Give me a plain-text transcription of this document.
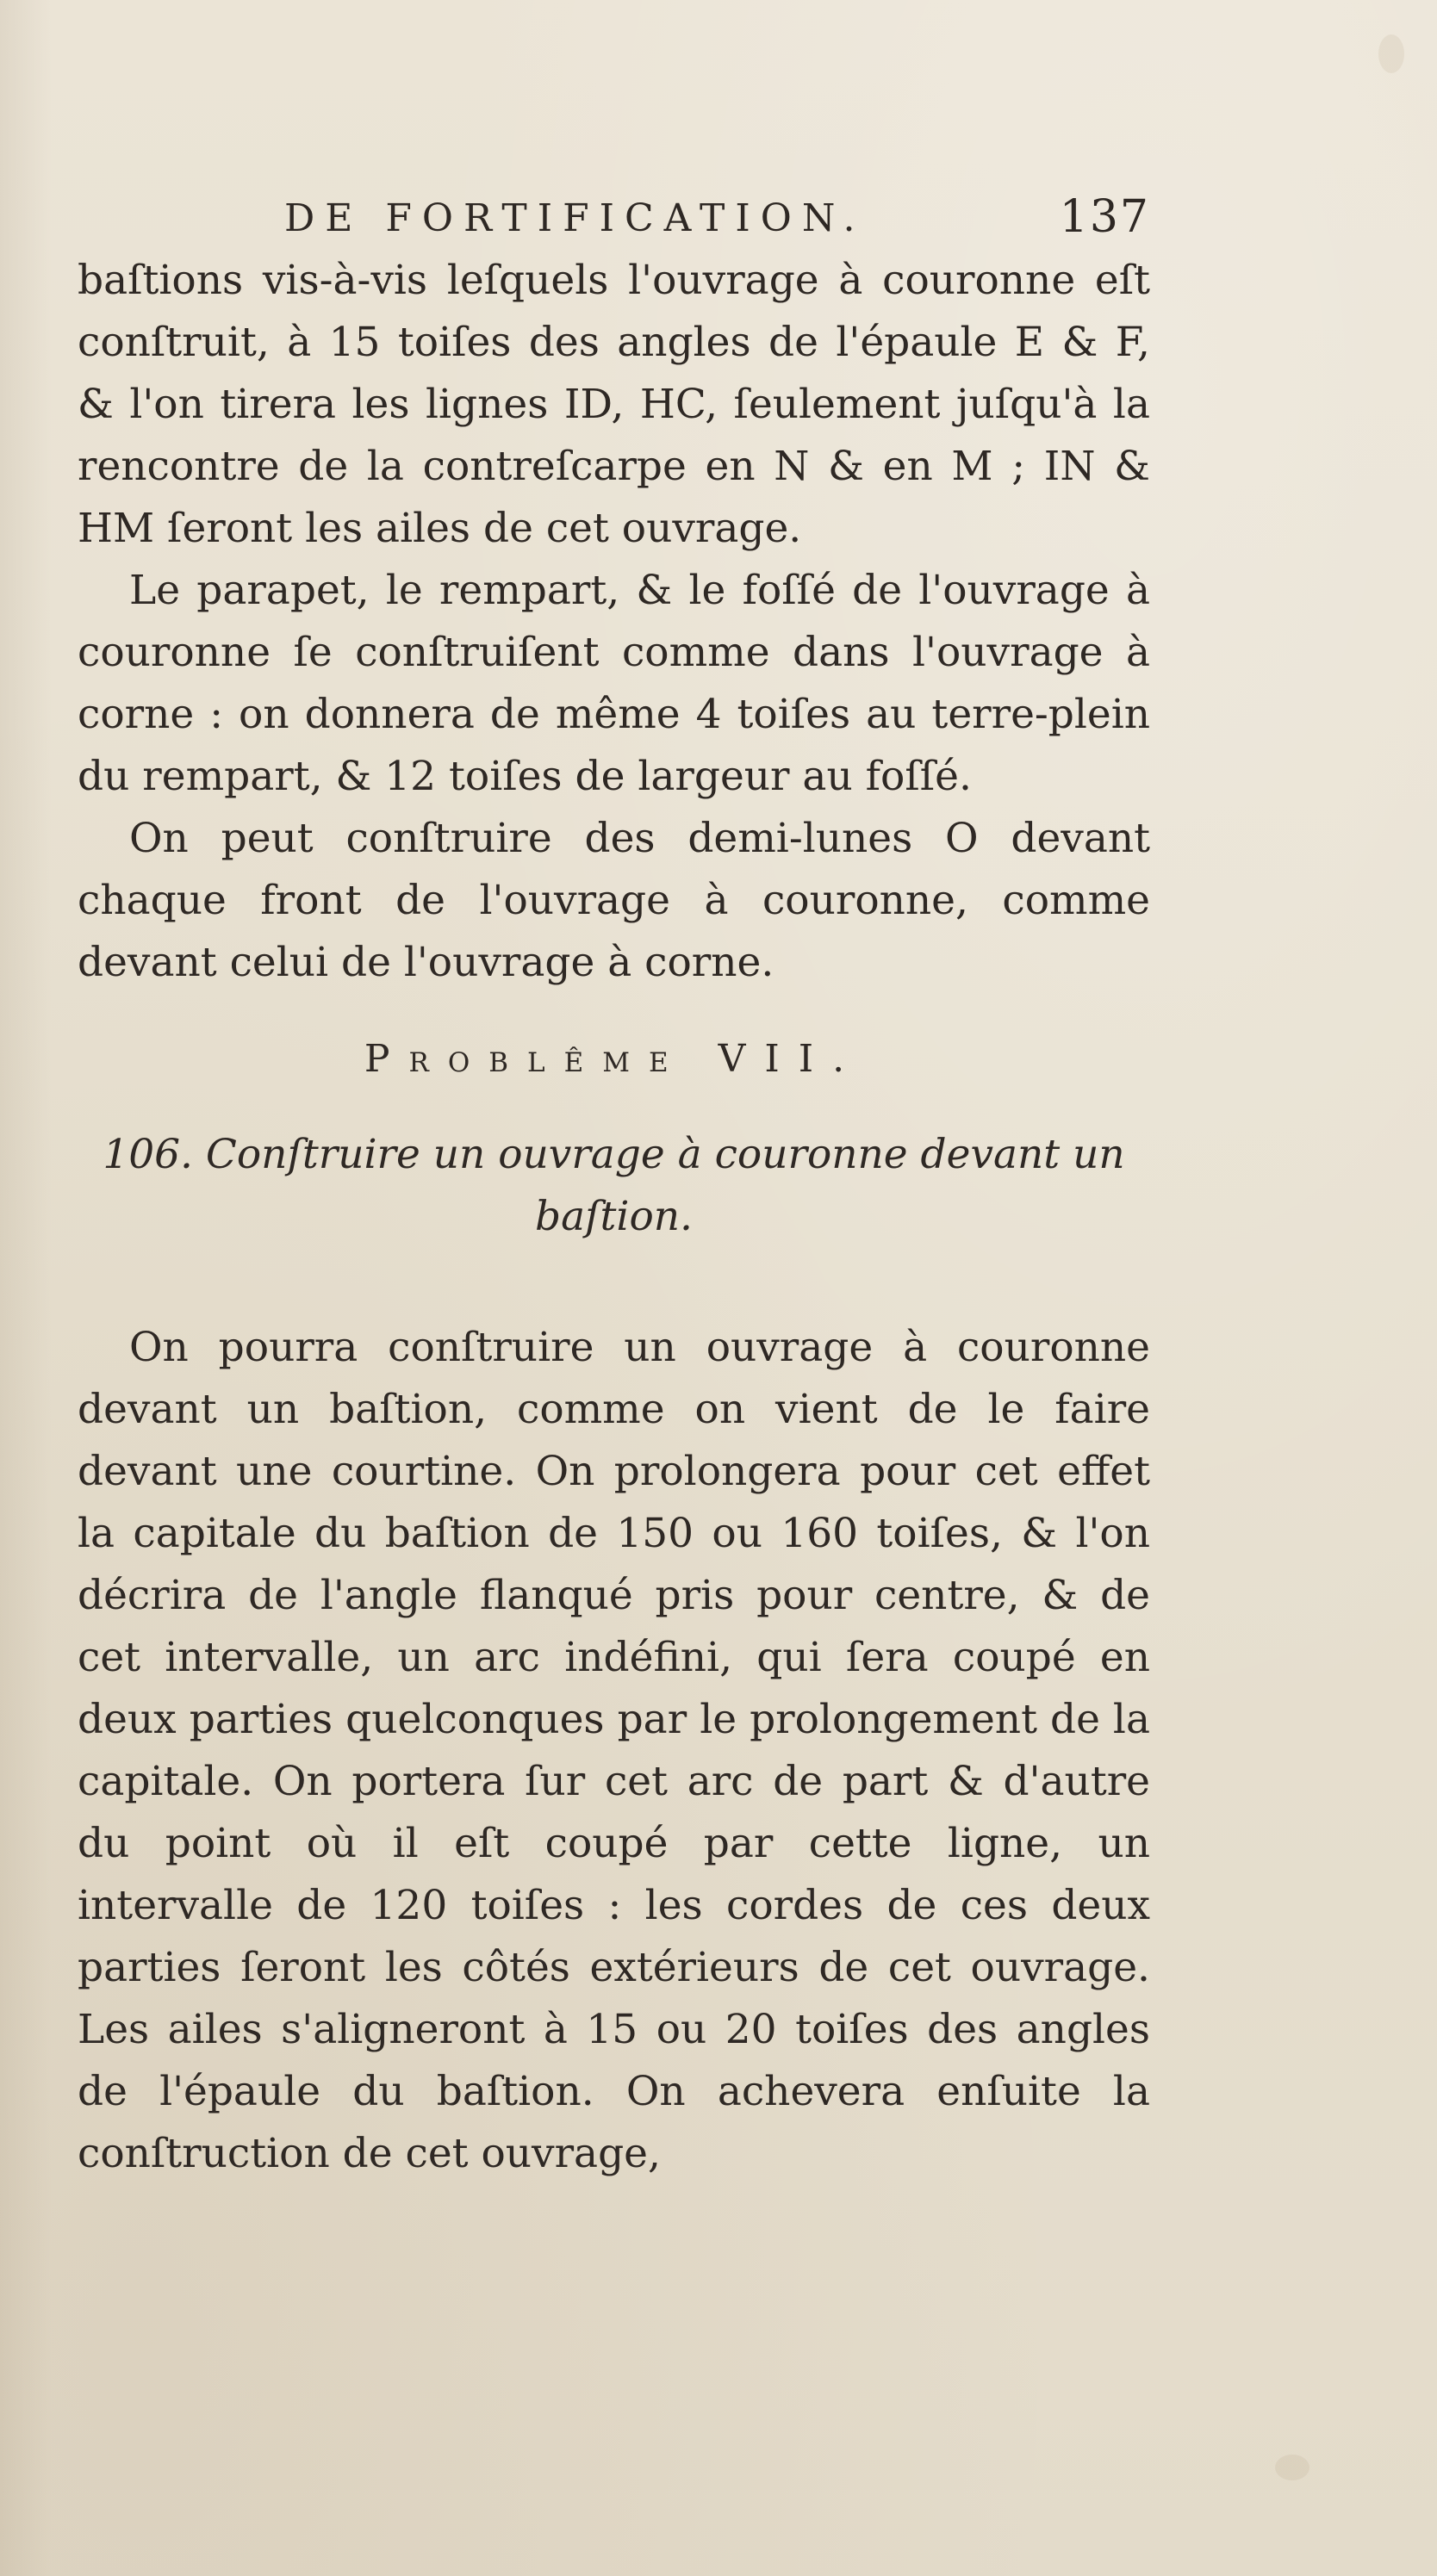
DE FORTIFICATION.	137

baſtions vis-à-vis leſquels l'ouvrage à couronne eſt conſtruit, à 15 toiſes des angles de l'épaule E & F, & l'on tirera les lignes ID, HC, ſeulement juſqu'à la rencontre de la contreſcarpe en N & en M ; IN & HM ſeront les ailes de cet ouvrage.

Le parapet, le rempart, & le foſſé de l'ouvrage à couronne ſe conſtruiſent comme dans l'ouvrage à corne : on donnera de même 4 toiſes au terre-plein du rempart, & 12 toiſes de largeur au foſſé.

On peut conſtruire des demi-lunes O devant chaque front de l'ouvrage à couronne, comme devant celui de l'ouvrage à corne.

Problême VII.
106. Conſtruire un ouvrage à couronne devant un baſtion.

On pourra conſtruire un ouvrage à couronne devant un baſtion, comme on vient de le faire devant une courtine. On prolongera pour cet effet la capitale du baſtion de 150 ou 160 toiſes, & l'on décrira de l'angle flanqué pris pour centre, & de cet intervalle, un arc indéfini, qui ſera coupé en deux parties quelconques par le prolongement de la capitale. On portera ſur cet arc de part & d'autre du point où il eſt coupé par cette ligne, un intervalle de 120 toiſes : les cordes de ces deux parties ſeront les côtés extérieurs de cet ouvrage. Les ailes s'aligneront à 15 ou 20 toiſes des angles de l'épaule du baſtion. On achevera enſuite la conſtruction de cet ouvrage,
